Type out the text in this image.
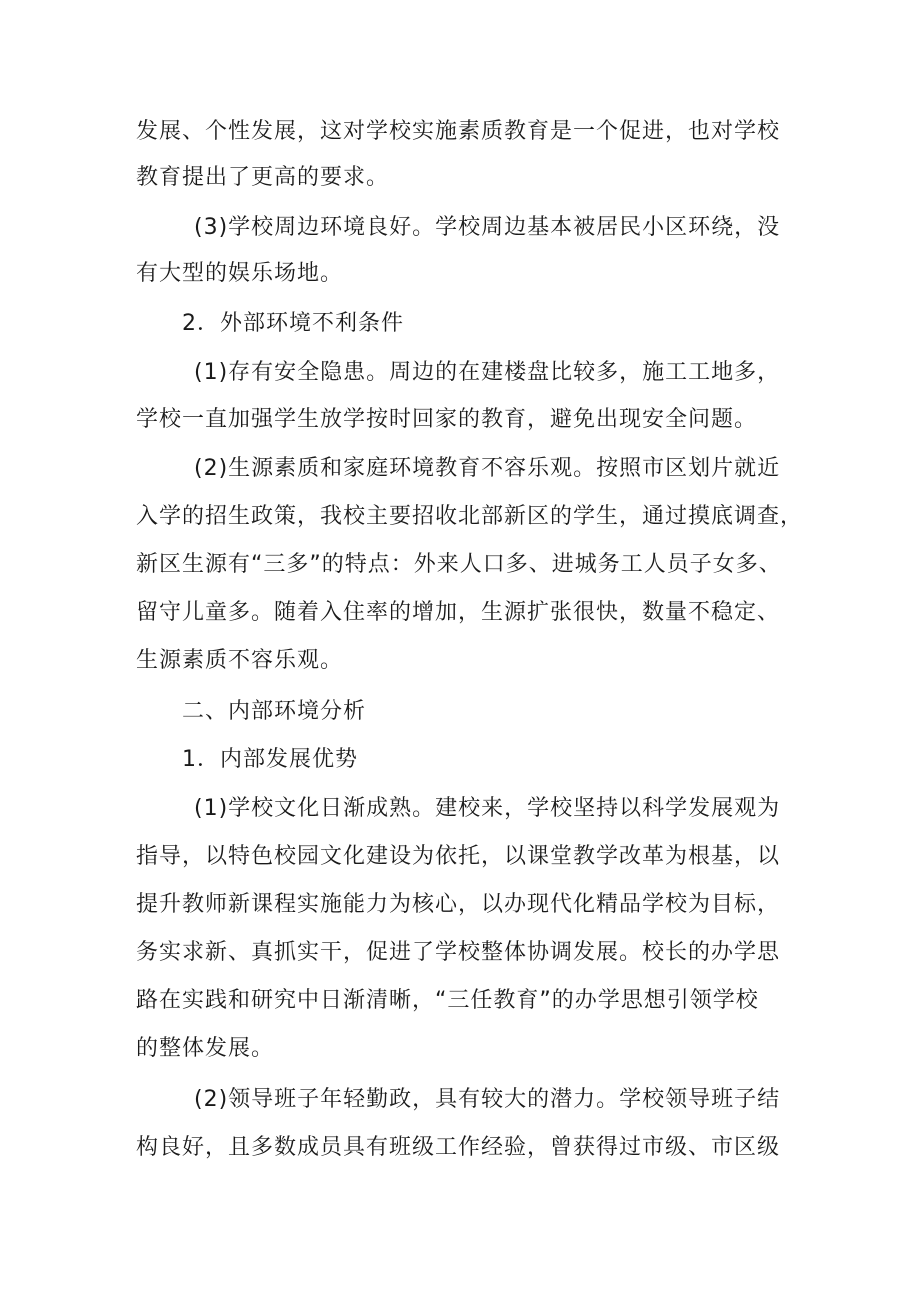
发展、个性发展，这对学校实施素质教育是一个促进，也对学校
教育提出了更高的要求。
(3)学校周边环境良好。学校周边基本被居民小区环绕，没
有大型的娱乐场地。
2．外部环境不利条件
(1)存有安全隐患。周边的在建楼盘比较多，施工工地多，
学校一直加强学生放学按时回家的教育，避免出现安全问题。
(2)生源素质和家庭环境教育不容乐观。按照市区划片就近
入学的招生政策，我校主要招收北部新区的学生，通过摸底调查，
新区生源有“三多”的特点：外来人口多、进城务工人员子女多、
留守儿童多。随着入住率的增加，生源扩张很快，数量不稳定、
生源素质不容乐观。
二、内部环境分析
1．内部发展优势
(1)学校文化日渐成熟。建校来，学校坚持以科学发展观为
指导，以特色校园文化建设为依托，以课堂教学改革为根基，以
提升教师新课程实施能力为核心，以办现代化精品学校为目标，
务实求新、真抓实干，促进了学校整体协调发展。校长的办学思
路在实践和研究中日渐清晰，“三任教育”的办学思想引领学校
的整体发展。
(2)领导班子年轻勤政，具有较大的潜力。学校领导班子结
构良好，且多数成员具有班级工作经验，曾获得过市级、市区级
